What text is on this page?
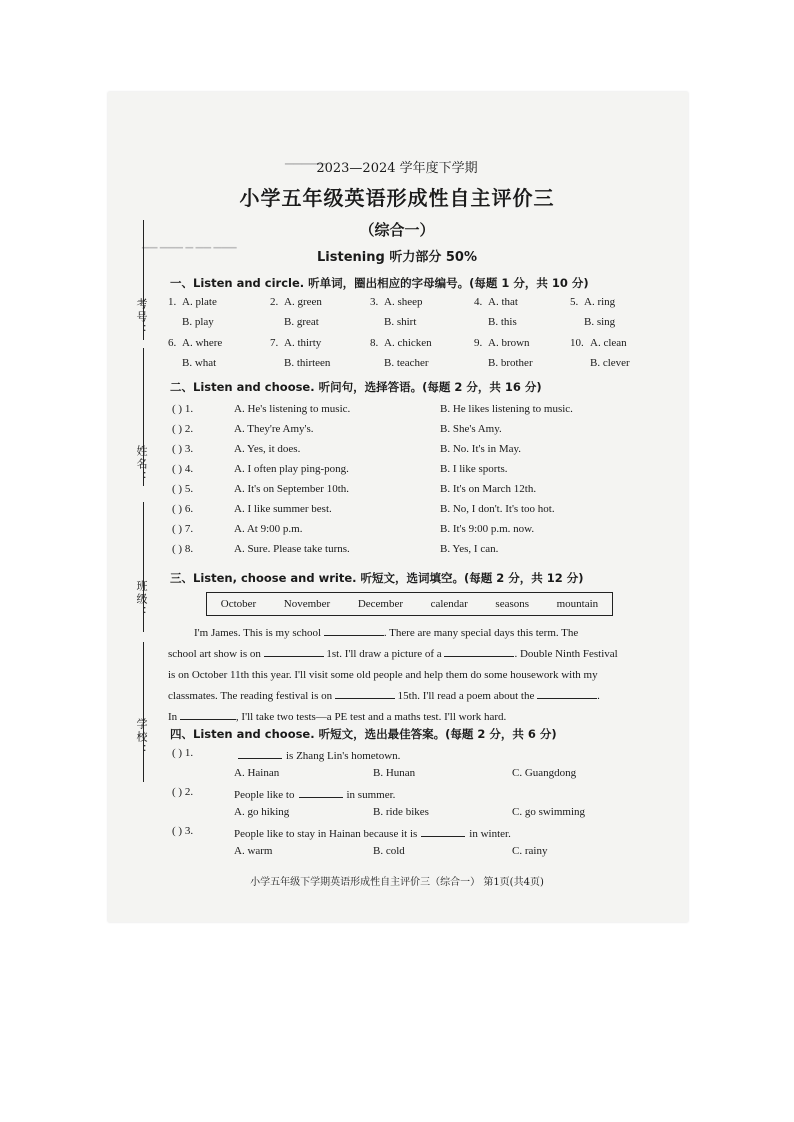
▁▁▁▁▁
▁▁ ▁▁▁ ▁ ▁▁ ▁▁▁
考号：
姓名：
班级：
学校：
2023—2024 学年度下学期
小学五年级英语形成性自主评价三
（综合一）
Listening 听力部分 50%
一、Listen and circle. 听单词，圈出相应的字母编号。(每题 1 分，共 10 分)
1. A. plate
B. play
2. A. green
B. great
3. A. sheep
B. shirt
4. A. that
B. this
5. A. ring
B. sing
6. A. where
B. what
7. A. thirty
B. thirteen
8. A. chicken
B. teacher
9. A. brown
B. brother
10. A. clean
B. clever
二、Listen and choose. 听问句，选择答语。(每题 2 分，共 16 分)
( ) 1.	A. He's listening to music.	B. He likes listening to music.
( ) 2.	A. They're Amy's.	B. She's Amy.
( ) 3.	A. Yes, it does.	B. No. It's in May.
( ) 4.	A. I often play ping-pong.	B. I like sports.
( ) 5.	A. It's on September 10th.	B. It's on March 12th.
( ) 6.	A. I like summer best.	B. No, I don't. It's too hot.
( ) 7.	A. At 9:00 p.m.	B. It's 9:00 p.m. now.
( ) 8.	A. Sure. Please take turns.	B. Yes, I can.
三、Listen, choose and write. 听短文，选词填空。(每题 2 分，共 12 分)
October	November	December	calendar	seasons	mountain
I'm James. This is my school	. There are many special days this term. The
school art show is on	1st. I'll draw a picture of a	. Double Ninth Festival
is on October 11th this year. I'll visit some old people and help them do some housework with my
classmates. The reading festival is on	15th. I'll read a poem about the	.
In	, I'll take two tests—a PE test and a maths test. I'll work hard.
四、Listen and choose. 听短文，选出最佳答案。(每题 2 分，共 6 分)
( ) 1.	is Zhang Lin's hometown.
A. Hainan	B. Hunan	C. Guangdong
( ) 2.	People like to	in summer.
A. go hiking	B. ride bikes	C. go swimming
( ) 3.	People like to stay in Hainan because it is	in winter.
A. warm	B. cold	C. rainy
小学五年级下学期英语形成性自主评价三（综合一） 第1页(共4页)
